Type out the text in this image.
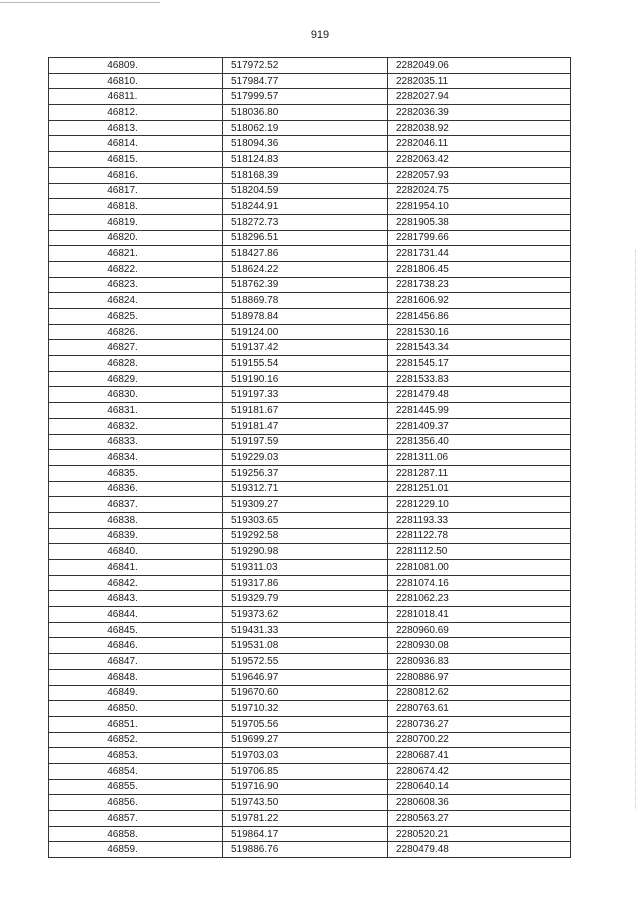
919
46809.	517972.52	2282049.06
46810.	517984.77	2282035.11
46811.	517999.57	2282027.94
46812.	518036.80	2282036.39
46813.	518062.19	2282038.92
46814.	518094.36	2282046.11
46815.	518124.83	2282063.42
46816.	518168.39	2282057.93
46817.	518204.59	2282024.75
46818.	518244.91	2281954.10
46819.	518272.73	2281905.38
46820.	518296.51	2281799.66
46821.	518427.86	2281731.44
46822.	518624.22	2281806.45
46823.	518762.39	2281738.23
46824.	518869.78	2281606.92
46825.	518978.84	2281456.86
46826.	519124.00	2281530.16
46827.	519137.42	2281543.34
46828.	519155.54	2281545.17
46829.	519190.16	2281533.83
46830.	519197.33	2281479.48
46831.	519181.67	2281445.99
46832.	519181.47	2281409.37
46833.	519197.59	2281356.40
46834.	519229.03	2281311.06
46835.	519256.37	2281287.11
46836.	519312.71	2281251.01
46837.	519309.27	2281229.10
46838.	519303.65	2281193.33
46839.	519292.58	2281122.78
46840.	519290.98	2281112.50
46841.	519311.03	2281081.00
46842.	519317.86	2281074.16
46843.	519329.79	2281062.23
46844.	519373.62	2281018.41
46845.	519431.33	2280960.69
46846.	519531.08	2280930.08
46847.	519572.55	2280936.83
46848.	519646.97	2280886.97
46849.	519670.60	2280812.62
46850.	519710.32	2280763.61
46851.	519705.56	2280736.27
46852.	519699.27	2280700.22
46853.	519703.03	2280687.41
46854.	519706.85	2280674.42
46855.	519716.90	2280640.14
46856.	519743.50	2280608.36
46857.	519781.22	2280563.27
46858.	519864.17	2280520.21
46859.	519886.76	2280479.48
